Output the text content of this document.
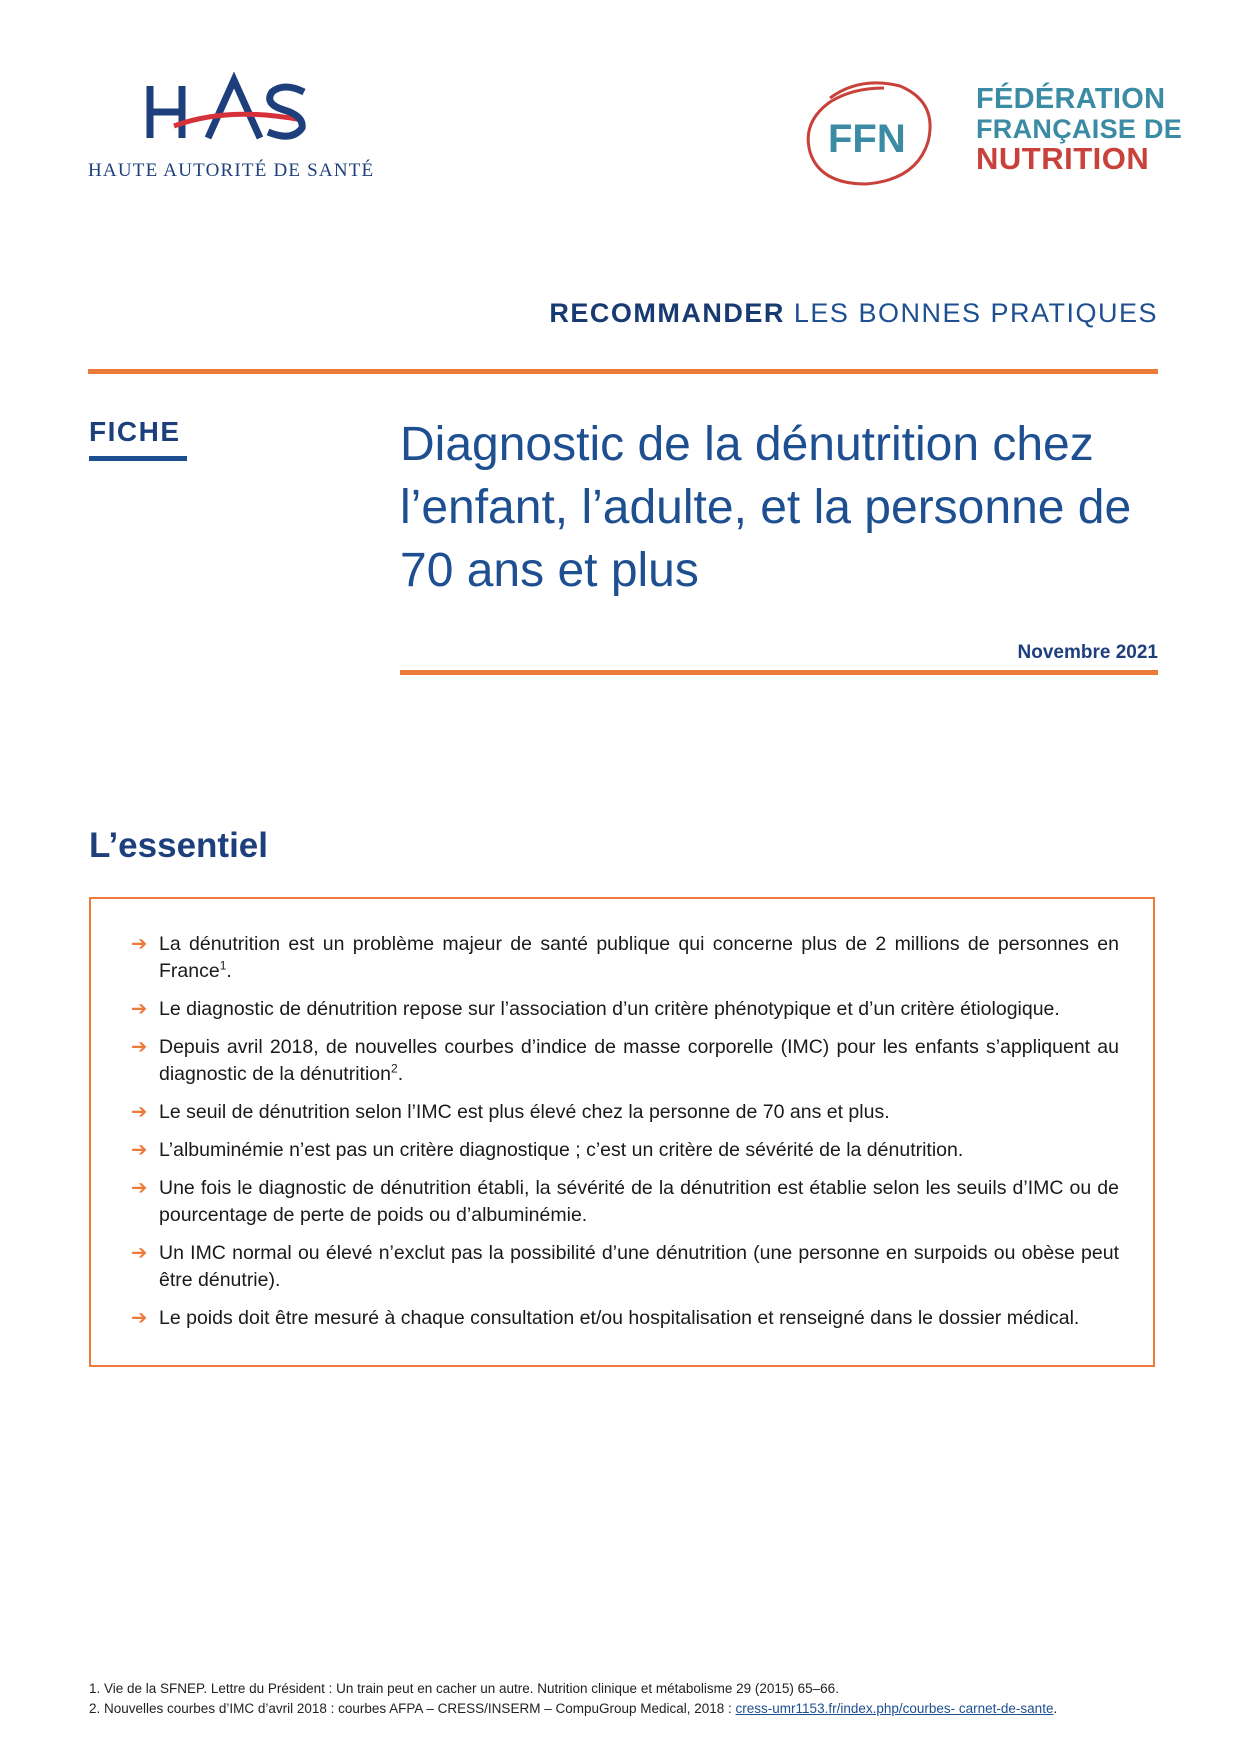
HAUTE AUTORITÉ DE SANTÉ
FFN
FÉDÉRATION
FRANÇAISE DE
NUTRITION
RECOMMANDER LES BONNES PRATIQUES
FICHE	Diagnostic de la dénutrition chez l’enfant, l’adulte, et la personne de 70 ans et plus
Novembre 2021
L’essentiel
➔ La dénutrition est un problème majeur de santé publique qui concerne plus de 2 millions de personnes en France$^1$.
➔ Le diagnostic de dénutrition repose sur l’association d’un critère phénotypique et d’un critère étiologique.
➔ Depuis avril 2018, de nouvelles courbes d’indice de masse corporelle (IMC) pour les enfants s’appliquent au diagnostic de la dénutrition$^2$.
➔ Le seuil de dénutrition selon l’IMC est plus élevé chez la personne de 70 ans et plus.
➔ L’albuminémie n’est pas un critère diagnostique ; c’est un critère de sévérité de la dénutrition.
➔ Une fois le diagnostic de dénutrition établi, la sévérité de la dénutrition est établie selon les seuils d’IMC ou de pourcentage de perte de poids ou d’albuminémie.
➔ Un IMC normal ou élevé n’exclut pas la possibilité d’une dénutrition (une personne en surpoids ou obèse peut être dénutrie).
➔ Le poids doit être mesuré à chaque consultation et/ou hospitalisation et renseigné dans le dossier médical.
1. Vie de la SFNEP. Lettre du Président : Un train peut en cacher un autre. Nutrition clinique et métabolisme 29 (2015) 65–66.
2. Nouvelles courbes d’IMC d’avril 2018 : courbes AFPA – CRESS/INSERM – CompuGroup Medical, 2018 : cress-umr1153.fr/index.php/courbes- carnet-de-sante.
